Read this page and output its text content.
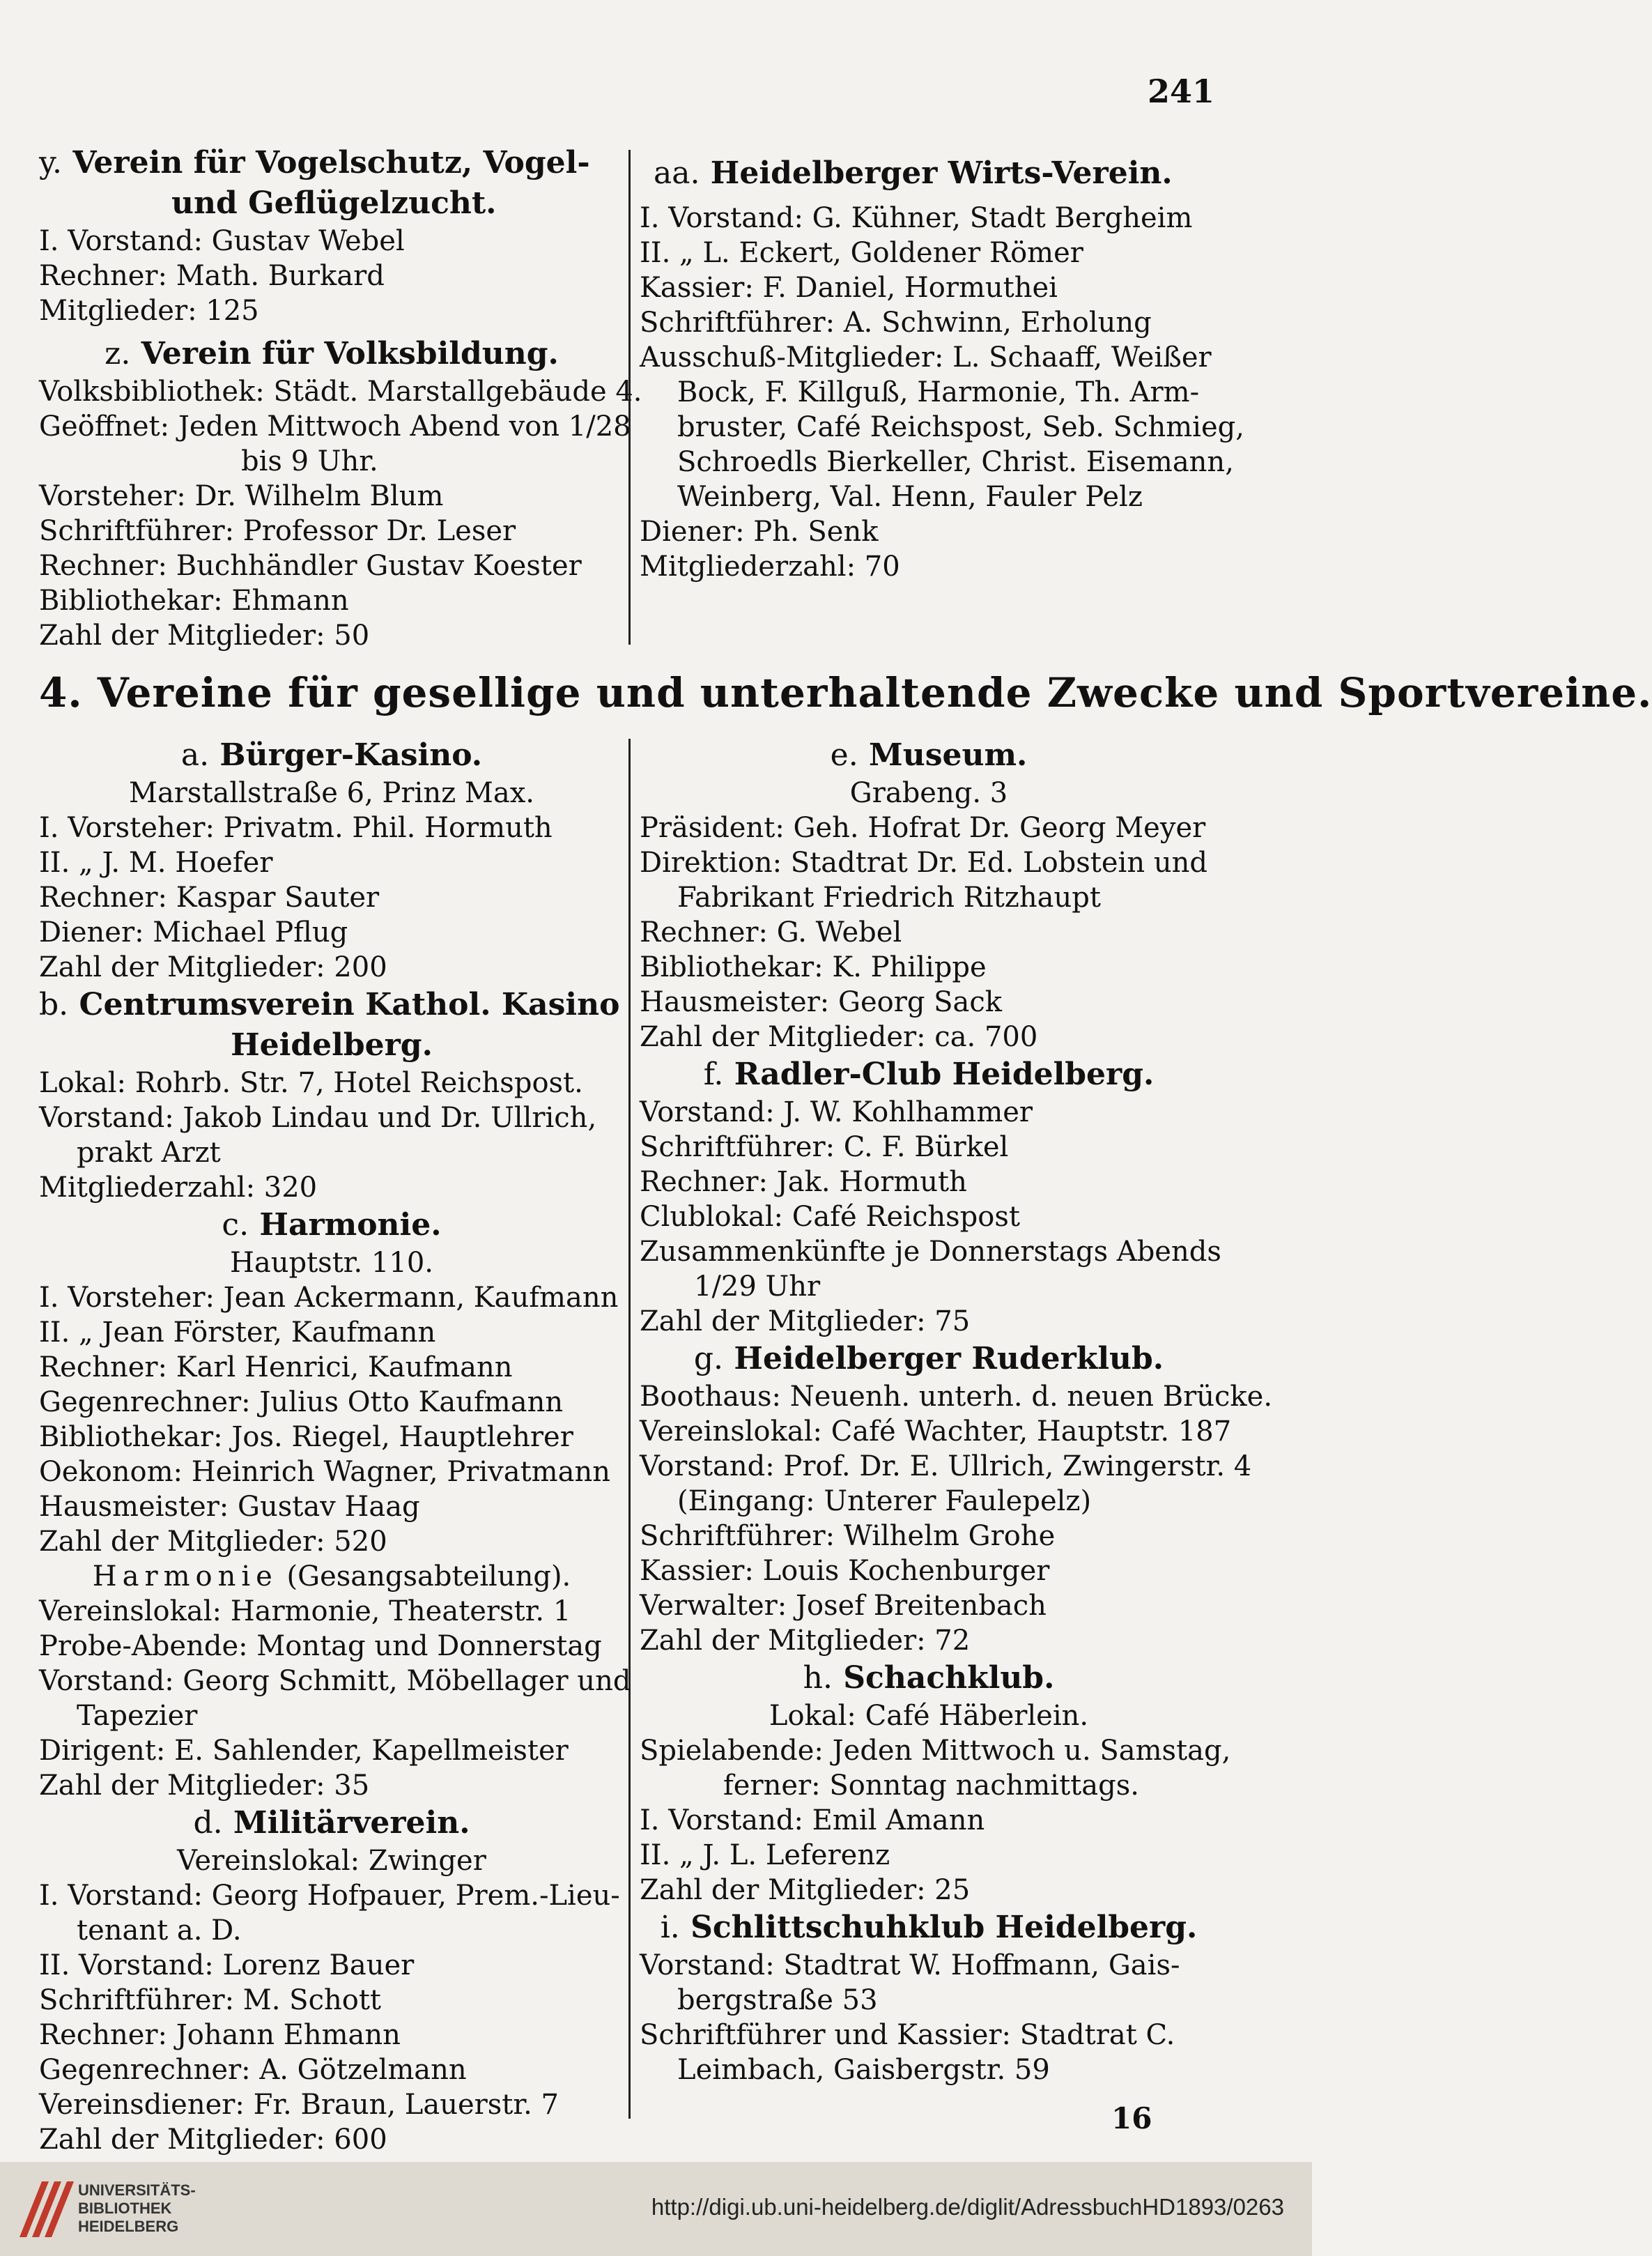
241
y. Verein für Vogelschutz, Vogel-
und Geflügelzucht.
I. Vorstand: Gustav Webel
Rechner: Math. Burkard
Mitglieder: 125
z. Verein für Volksbildung.
Volksbibliothek: Städt. Marstallgebäude 4.
Geöffnet: Jeden Mittwoch Abend von 1/28
bis 9 Uhr.
Vorsteher: Dr. Wilhelm Blum
Schriftführer: Professor Dr. Leser
Rechner: Buchhändler Gustav Koester
Bibliothekar: Ehmann
Zahl der Mitglieder: 50
aa. Heidelberger Wirts-Verein.
I. Vorstand: G. Kühner, Stadt Bergheim
II. „ L. Eckert, Goldener Römer
Kassier: F. Daniel, Hormuthei
Schriftführer: A. Schwinn, Erholung
Ausschuß-Mitglieder: L. Schaaff, Weißer
Bock, F. Killguß, Harmonie, Th. Arm-
bruster, Café Reichspost, Seb. Schmieg,
Schroedls Bierkeller, Christ. Eisemann,
Weinberg, Val. Henn, Fauler Pelz
Diener: Ph. Senk
Mitgliederzahl: 70
4. Vereine für gesellige und unterhaltende Zwecke und Sportvereine.
a. Bürger-Kasino.
Marstallstraße 6, Prinz Max.
I. Vorsteher: Privatm. Phil. Hormuth
II. „ J. M. Hoefer
Rechner: Kaspar Sauter
Diener: Michael Pflug
Zahl der Mitglieder: 200
b. Centrumsverein Kathol. Kasino
Heidelberg.
Lokal: Rohrb. Str. 7, Hotel Reichspost.
Vorstand: Jakob Lindau und Dr. Ullrich,
prakt Arzt
Mitgliederzahl: 320
c. Harmonie.
Hauptstr. 110.
I. Vorsteher: Jean Ackermann, Kaufmann
II. „ Jean Förster, Kaufmann
Rechner: Karl Henrici, Kaufmann
Gegenrechner: Julius Otto Kaufmann
Bibliothekar: Jos. Riegel, Hauptlehrer
Oekonom: Heinrich Wagner, Privatmann
Hausmeister: Gustav Haag
Zahl der Mitglieder: 520
Harmonie (Gesangsabteilung).
Vereinslokal: Harmonie, Theaterstr. 1
Probe-Abende: Montag und Donnerstag
Vorstand: Georg Schmitt, Möbellager und
Tapezier
Dirigent: E. Sahlender, Kapellmeister
Zahl der Mitglieder: 35
d. Militärverein.
Vereinslokal: Zwinger
I. Vorstand: Georg Hofpauer, Prem.-Lieu-
tenant a. D.
II. Vorstand: Lorenz Bauer
Schriftführer: M. Schott
Rechner: Johann Ehmann
Gegenrechner: A. Götzelmann
Vereinsdiener: Fr. Braun, Lauerstr. 7
Zahl der Mitglieder: 600
e. Museum.
Grabeng. 3
Präsident: Geh. Hofrat Dr. Georg Meyer
Direktion: Stadtrat Dr. Ed. Lobstein und
Fabrikant Friedrich Ritzhaupt
Rechner: G. Webel
Bibliothekar: K. Philippe
Hausmeister: Georg Sack
Zahl der Mitglieder: ca. 700
f. Radler-Club Heidelberg.
Vorstand: J. W. Kohlhammer
Schriftführer: C. F. Bürkel
Rechner: Jak. Hormuth
Clublokal: Café Reichspost
Zusammenkünfte je Donnerstags Abends
1/29 Uhr
Zahl der Mitglieder: 75
g. Heidelberger Ruderklub.
Boothaus: Neuenh. unterh. d. neuen Brücke.
Vereinslokal: Café Wachter, Hauptstr. 187
Vorstand: Prof. Dr. E. Ullrich, Zwingerstr. 4
(Eingang: Unterer Faulepelz)
Schriftführer: Wilhelm Grohe
Kassier: Louis Kochenburger
Verwalter: Josef Breitenbach
Zahl der Mitglieder: 72
h. Schachklub.
Lokal: Café Häberlein.
Spielabende: Jeden Mittwoch u. Samstag,
ferner: Sonntag nachmittags.
I. Vorstand: Emil Amann
II. „ J. L. Leferenz
Zahl der Mitglieder: 25
i. Schlittschuhklub Heidelberg.
Vorstand: Stadtrat W. Hoffmann, Gais-
bergstraße 53
Schriftführer und Kassier: Stadtrat C.
Leimbach, Gaisbergstr. 59
16
UNIVERSITÄTS-
BIBLIOTHEK
HEIDELBERG
http://digi.ub.uni-heidelberg.de/diglit/AdressbuchHD1893/0263
